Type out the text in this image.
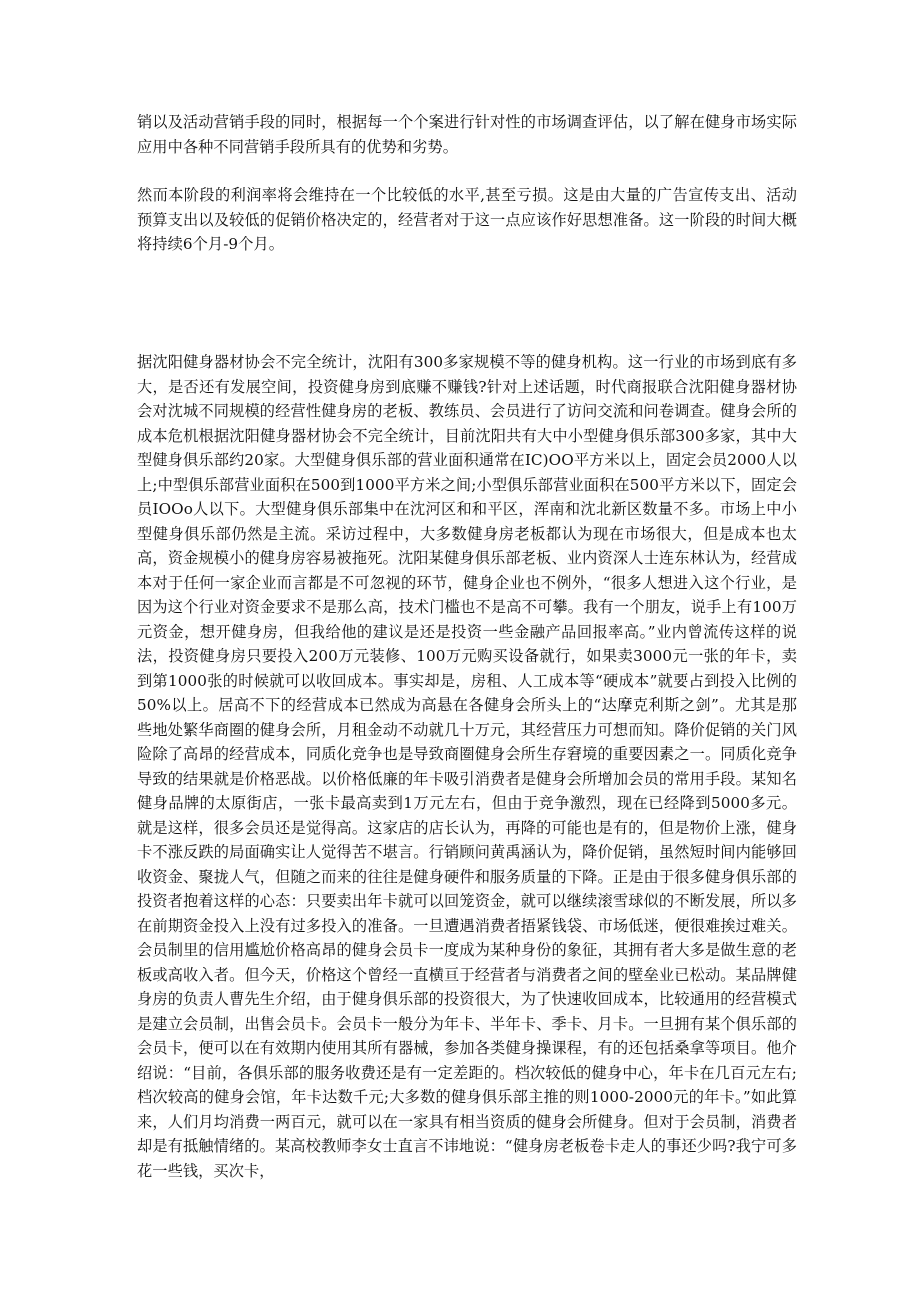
销以及活动营销手段的同时，根据每一个个案进行针对性的市场调查评估，以了解在健身市场实际应用中各种不同营销手段所具有的优势和劣势。

然而本阶段的利润率将会维持在一个比较低的水平,甚至亏损。这是由大量的广告宣传支出、活动预算支出以及较低的促销价格决定的，经营者对于这一点应该作好思想准备。这一阶段的时间大概将持续6个月-9个月。

据沈阳健身器材协会不完全统计，沈阳有300多家规模不等的健身机构。这一行业的市场到底有多大，是否还有发展空间，投资健身房到底赚不赚钱?针对上述话题，时代商报联合沈阳健身器材协会对沈城不同规模的经营性健身房的老板、教练员、会员进行了访问交流和问卷调查。健身会所的成本危机根据沈阳健身器材协会不完全统计，目前沈阳共有大中小型健身俱乐部300多家，其中大型健身俱乐部约20家。大型健身俱乐部的营业面积通常在IC)OO平方米以上，固定会员2000人以上;中型俱乐部营业面积在500到1000平方米之间;小型俱乐部营业面积在500平方米以下，固定会员IOOo人以下。大型健身俱乐部集中在沈河区和和平区，浑南和沈北新区数量不多。市场上中小型健身俱乐部仍然是主流。采访过程中，大多数健身房老板都认为现在市场很大，但是成本也太高，资金规模小的健身房容易被拖死。沈阳某健身俱乐部老板、业内资深人士连东林认为，经营成本对于任何一家企业而言都是不可忽视的环节，健身企业也不例外，“很多人想进入这个行业，是因为这个行业对资金要求不是那么高，技术门槛也不是高不可攀。我有一个朋友，说手上有100万元资金，想开健身房，但我给他的建议是还是投资一些金融产品回报率高。”业内曾流传这样的说法，投资健身房只要投入200万元装修、100万元购买设备就行，如果卖3000元一张的年卡，卖到第1000张的时候就可以收回成本。事实却是，房租、人工成本等“硬成本”就要占到投入比例的50%以上。居高不下的经营成本已然成为高悬在各健身会所头上的“达摩克利斯之剑”。尤其是那些地处繁华商圈的健身会所，月租金动不动就几十万元，其经营压力可想而知。降价促销的关门风险除了高昂的经营成本，同质化竞争也是导致商圈健身会所生存窘境的重要因素之一。同质化竞争导致的结果就是价格恶战。以价格低廉的年卡吸引消费者是健身会所增加会员的常用手段。某知名健身品牌的太原街店，一张卡最高卖到1万元左右，但由于竞争激烈，现在已经降到5000多元。就是这样，很多会员还是觉得高。这家店的店长认为，再降的可能也是有的，但是物价上涨，健身卡不涨反跌的局面确实让人觉得苦不堪言。行销顾问黄禹涵认为，降价促销，虽然短时间内能够回收资金、聚拢人气，但随之而来的往往是健身硬件和服务质量的下降。正是由于很多健身俱乐部的投资者抱着这样的心态：只要卖出年卡就可以回笼资金，就可以继续滚雪球似的不断发展，所以多在前期资金投入上没有过多投入的准备。一旦遭遇消费者捂紧钱袋、市场低迷，便很难挨过难关。会员制里的信用尴尬价格高昂的健身会员卡一度成为某种身份的象征，其拥有者大多是做生意的老板或高收入者。但今天，价格这个曾经一直横亘于经营者与消费者之间的壁垒业已松动。某品牌健身房的负责人曹先生介绍，由于健身俱乐部的投资很大，为了快速收回成本，比较通用的经营模式是建立会员制，出售会员卡。会员卡一般分为年卡、半年卡、季卡、月卡。一旦拥有某个俱乐部的会员卡，便可以在有效期内使用其所有器械，参加各类健身操课程，有的还包括桑拿等项目。他介绍说：“目前，各俱乐部的服务收费还是有一定差距的。档次较低的健身中心，年卡在几百元左右;档次较高的健身会馆，年卡达数千元;大多数的健身俱乐部主推的则1000-2000元的年卡。”如此算来，人们月均消费一两百元，就可以在一家具有相当资质的健身会所健身。但对于会员制，消费者却是有抵触情绪的。某高校教师李女士直言不讳地说：“健身房老板卷卡走人的事还少吗?我宁可多花一些钱，买次卡，
